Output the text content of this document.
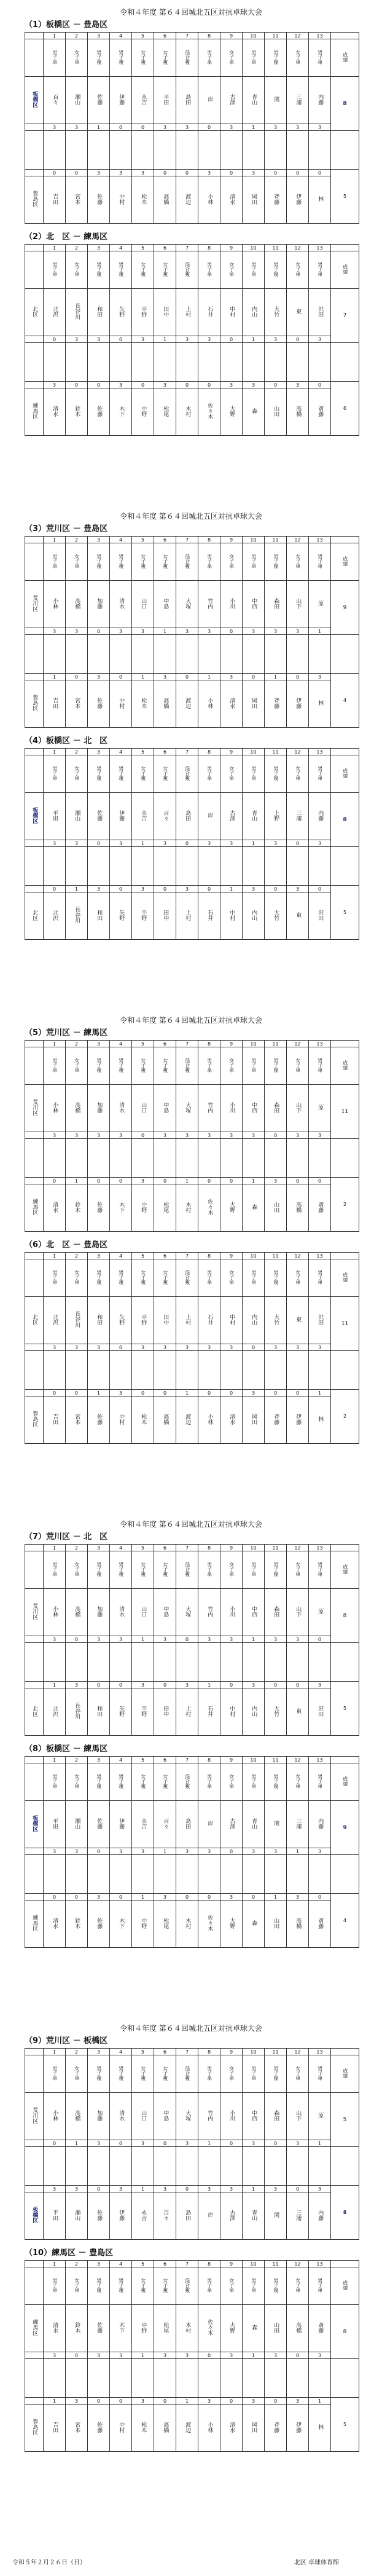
令和４年度 第６４回城北五区対抗卓球大会
（1）板橋区 － 豊島区
	1	2	3	4	5	6	7	8	9	10	11	12	13	
	男子単	女子単	男子複	男子複	女子複	女子複	混合複	男子単	女子単	男子単	男子複	女子単	男子単	成績
板橋区	百々	瀬山	佐藤	伊藤	永吉	平田	島田	岸	古澤	青山	関	三浦	内藤	8
	3	3	1	0	0	3	3	0	3	1	3	3	3	

	0	0	3	3	3	0	0	3	0	3	0	0	0	5
豊島区	吉田	宮本	佐藤	中村	松本	高橋	渡辺	小林	清水	岡田	斉藤	伊藤	林	
（2）北　区 － 練馬区
	1	2	3	4	5	6	7	8	9	10	11	12	13	
	男子単	女子単	男子複	男子複	女子複	女子複	混合複	男子単	女子単	男子単	男子複	女子単	男子単	成績
北区	北沢	長谷川	和田	矢野	平野	田中	上村	石井	中村	内山	大竹	東	沢田	7
	0	3	3	0	3	1	3	3	0	1	3	0	3	

	3	0	0	3	0	3	0	0	3	3	0	3	0	6
練馬区	清水	鈴木	佐藤	木下	中野	松尾	木村	佐々木	大野	森	山田	高橋	斎藤	
令和４年度 第６４回城北五区対抗卓球大会
（3）荒川区 － 豊島区
	1	2	3	4	5	6	7	8	9	10	11	12	13	
	男子単	女子単	男子複	男子複	女子複	女子複	混合複	男子単	女子単	男子単	男子複	女子単	男子単	成績
荒川区	小林	高橋	加藤	清水	山口	中島	大塚	竹内	小川	中西	森田	山下	原	9
	3	3	0	3	3	1	3	3	0	3	3	3	1	

	1	0	3	0	1	3	0	1	3	0	1	0	3	4
豊島区	吉田	宮本	佐藤	中村	松本	高橋	渡辺	小林	清水	岡田	斉藤	伊藤	林	
（4）板橋区 － 北　区
	1	2	3	4	5	6	7	8	9	10	11	12	13	
	男子単	女子単	男子複	男子複	女子複	女子複	混合複	男子単	女子単	男子単	男子複	女子単	男子単	成績
板橋区	平田	瀬山	佐藤	伊藤	永吉	百々	島田	岸	古澤	青山	上野	三浦	内藤	8
	3	3	0	3	1	3	0	3	3	1	3	0	3	

	0	1	3	0	3	0	3	0	1	3	0	3	0	5
北区	北沢	長谷川	和田	矢野	平野	田中	上村	石井	中村	内山	大竹	東	沢田	
令和４年度 第６４回城北五区対抗卓球大会
（5）荒川区 － 練馬区
	1	2	3	4	5	6	7	8	9	10	11	12	13	
	男子単	女子単	男子複	男子複	女子複	女子複	混合複	男子単	女子単	男子単	男子複	女子単	男子単	成績
荒川区	小林	高橋	加藤	清水	山口	中島	大塚	竹内	小川	中西	森田	山下	原	11
	3	3	3	3	0	3	3	3	3	3	0	3	3	

	0	1	0	0	3	0	1	0	0	1	3	0	0	2
練馬区	清水	鈴木	佐藤	木下	中野	松尾	木村	佐々木	大野	森	山田	高橋	斎藤	
（6）北　区 － 豊島区
	1	2	3	4	5	6	7	8	9	10	11	12	13	
	男子単	女子単	男子複	男子複	女子複	女子複	混合複	男子単	女子単	男子単	男子複	女子単	男子単	成績
北区	北沢	長谷川	和田	矢野	平野	田中	上村	石井	中村	内山	大竹	東	沢田	11
	3	3	3	0	3	3	3	3	3	0	3	3	3	

	0	0	1	3	0	0	1	0	0	3	0	0	1	2
豊島区	吉田	宮本	佐藤	中村	松本	高橋	渡辺	小林	清水	岡田	斉藤	伊藤	林	
令和４年度 第６４回城北五区対抗卓球大会
（7）荒川区 － 北　区
	1	2	3	4	5	6	7	8	9	10	11	12	13	
	男子単	女子単	男子複	男子複	女子複	女子複	混合複	男子単	女子単	男子単	男子複	女子単	男子単	成績
荒川区	小林	高橋	加藤	清水	山口	中島	大塚	竹内	小川	中西	森田	山下	原	8
	3	0	3	3	1	3	0	3	3	1	3	3	0	

	1	3	0	0	3	0	3	1	0	3	0	0	3	5
北区	北沢	長谷川	和田	矢野	平野	田中	上村	石井	中村	内山	大竹	東	沢田	
（8）板橋区 － 練馬区
	1	2	3	4	5	6	7	8	9	10	11	12	13	
	男子単	女子単	男子複	男子複	女子複	女子複	混合複	男子単	女子単	男子単	男子複	女子単	男子単	成績
板橋区	平田	瀬山	佐藤	伊藤	永吉	百々	島田	岸	古澤	青山	関	三浦	内藤	9
	3	3	0	3	3	1	3	3	0	3	3	1	3	

	0	0	3	0	1	3	0	0	3	0	1	3	0	4
練馬区	清水	鈴木	佐藤	木下	中野	松尾	木村	佐々木	大野	森	山田	高橋	斎藤	
令和４年度 第６４回城北五区対抗卓球大会
（9）荒川区 － 板橋区
	1	2	3	4	5	6	7	8	9	10	11	12	13	
	男子単	女子単	男子複	男子複	女子複	女子複	混合複	男子単	女子単	男子単	男子複	女子単	男子単	成績
荒川区	小林	高橋	加藤	清水	山口	中島	大塚	竹内	小川	中西	森田	山下	原	5
	0	1	3	0	3	0	3	1	0	3	0	3	1	

	3	3	0	3	1	3	0	3	3	1	3	0	3	8
板橋区	平田	瀬山	佐藤	伊藤	永吉	百々	島田	岸	古澤	青山	関	三浦	内藤	
（10）練馬区 － 豊島区
	1	2	3	4	5	6	7	8	9	10	11	12	13	
	男子単	女子単	男子複	男子複	女子複	女子複	混合複	男子単	女子単	男子単	男子複	女子単	男子単	成績
練馬区	清水	鈴木	佐藤	木下	中野	松尾	木村	佐々木	大野	森	山田	高橋	斎藤	8
	3	0	3	3	1	3	3	0	3	1	3	0	3	

	1	3	0	0	3	0	1	3	0	3	0	3	1	5
豊島区	吉田	宮本	佐藤	中村	松本	高橋	渡辺	小林	清水	岡田	斉藤	伊藤	林	
令和５年２月２６日（日）	北区 卓球体育館
